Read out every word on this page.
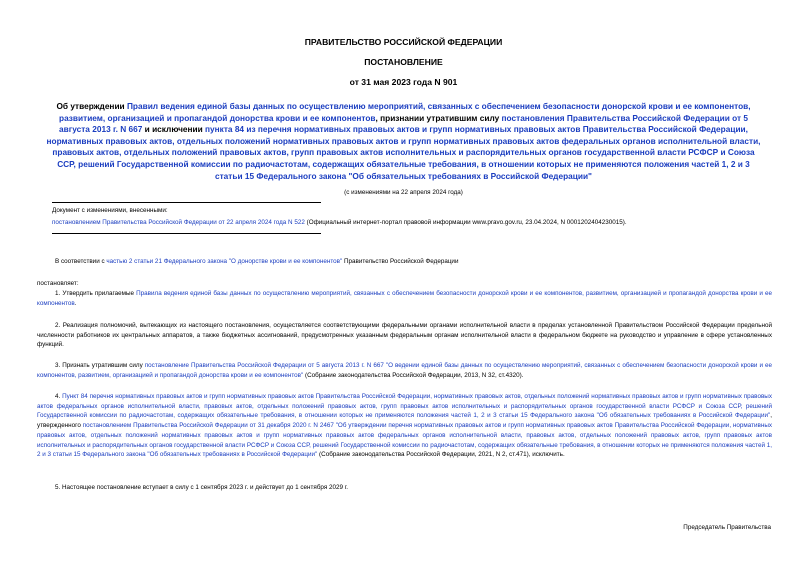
ПРАВИТЕЛЬСТВО РОССИЙСКОЙ ФЕДЕРАЦИИ
ПОСТАНОВЛЕНИЕ
от 31 мая 2023 года N 901
Об утверждении Правил ведения единой базы данных по осуществлению мероприятий, связанных с обеспечением безопасности донорской крови и ее компонентов, развитием, организацией и пропагандой донорства крови и ее компонентов, признании утратившим силу постановления Правительства Российской Федерации от 5 августа 2013 г. N 667 и исключении пункта 84 из перечня нормативных правовых актов и групп нормативных правовых актов Правительства Российской Федерации, нормативных правовых актов, отдельных положений нормативных правовых актов и групп нормативных правовых актов федеральных органов исполнительной власти, правовых актов, отдельных положений правовых актов, групп правовых актов исполнительных и распорядительных органов государственной власти РСФСР и Союза ССР, решений Государственной комиссии по радиочастотам, содержащих обязательные требования, в отношении которых не применяются положения частей 1, 2 и 3 статьи 15 Федерального закона "Об обязательных требованиях в Российской Федерации"
(с изменениями на 22 апреля 2024 года)
Документ с изменениями, внесенными:
постановлением Правительства Российской Федерации от 22 апреля 2024 года N 522 (Официальный интернет-портал правовой информации www.pravo.gov.ru, 23.04.2024, N 0001202404230015).
В соответствии с частью 2 статьи 21 Федерального закона "О донорстве крови и ее компонентов" Правительство Российской Федерации
постановляет:
1. Утвердить прилагаемые Правила ведения единой базы данных по осуществлению мероприятий, связанных с обеспечением безопасности донорской крови и ее компонентов, развитием, организацией и пропагандой донорства крови и ее компонентов.
2. Реализация полномочий, вытекающих из настоящего постановления, осуществляется соответствующими федеральными органами исполнительной власти в пределах установленной Правительством Российской Федерации предельной численности работников их центральных аппаратов, а также бюджетных ассигнований, предусмотренных указанным федеральным органам исполнительной власти в федеральном бюджете на руководство и управление в сфере установленных функций.
3. Признать утратившим силу постановление Правительства Российской Федерации от 5 августа 2013 г. N 667 "О ведении единой базы данных по осуществлению мероприятий, связанных с обеспечением безопасности донорской крови и ее компонентов, развитием, организацией и пропагандой донорства крови и ее компонентов" (Собрание законодательства Российской Федерации, 2013, N 32, ст.4320).
4. Пункт 84 перечня нормативных правовых актов и групп нормативных правовых актов Правительства Российской Федерации, нормативных правовых актов, отдельных положений нормативных правовых актов и групп нормативных правовых актов федеральных органов исполнительной власти, правовых актов, отдельных положений правовых актов, групп правовых актов исполнительных и распорядительных органов государственной власти РСФСР и Союза ССР, решений Государственной комиссии по радиочастотам, содержащих обязательные требования, в отношении которых не применяются положения частей 1, 2 и 3 статьи 15 Федерального закона "Об обязательных требованиях в Российской Федерации", утвержденного постановлением Правительства Российской Федерации от 31 декабря 2020 г. N 2467 "Об утверждении перечня нормативных правовых актов и групп нормативных правовых актов Правительства Российской Федерации, нормативных правовых актов, отдельных положений нормативных правовых актов и групп нормативных правовых актов федеральных органов исполнительной власти, правовых актов, отдельных положений правовых актов, групп правовых актов исполнительных и распорядительных органов государственной власти РСФСР и Союза ССР, решений Государственной комиссии по радиочастотам, содержащих обязательные требования, в отношении которых не применяются положения частей 1, 2 и 3 статьи 15 Федерального закона "Об обязательных требованиях в Российской Федерации" (Собрание законодательства Российской Федерации, 2021, N 2, ст.471), исключить.
5. Настоящее постановление вступает в силу с 1 сентября 2023 г. и действует до 1 сентября 2029 г.
Председатель Правительства
